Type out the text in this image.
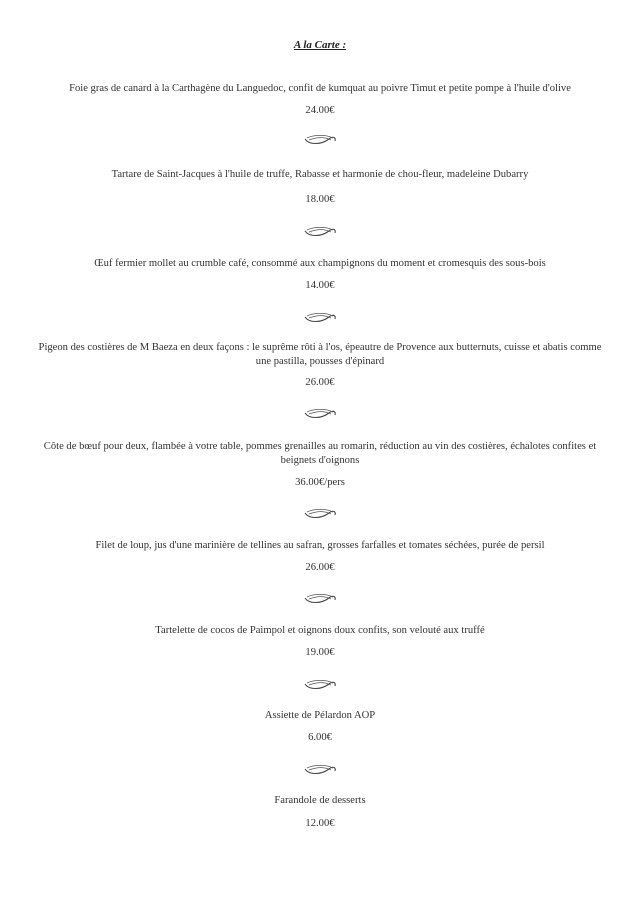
A la Carte :
Foie gras de canard à la Carthagène du Languedoc, confit de kumquat au poivre Timut et petite pompe à l'huile d'olive
24.00€
Tartare de Saint-Jacques à l'huile de truffe, Rabasse et harmonie de chou-fleur, madeleine Dubarry
18.00€
Œuf fermier mollet au crumble café, consommé aux champignons du moment et cromesquis des sous-bois
14.00€
Pigeon des costières de M Baeza en deux façons : le suprême rôti à l'os, épeautre de Provence aux butternuts, cuisse et abatis comme une pastilla, pousses d'épinard
26.00€
Côte de bœuf pour deux, flambée à votre table, pommes grenailles au romarin, réduction au vin des costières, échalotes confites et beignets d'oignons
36.00€/pers
Filet de loup, jus d'une marinière de tellines au safran, grosses farfalles et tomates séchées, purée de persil
26.00€
Tartelette de cocos de Paimpol et oignons doux confits, son velouté aux truffé
19.00€
Assiette de Pélardon AOP
6.00€
Farandole de desserts
12.00€
